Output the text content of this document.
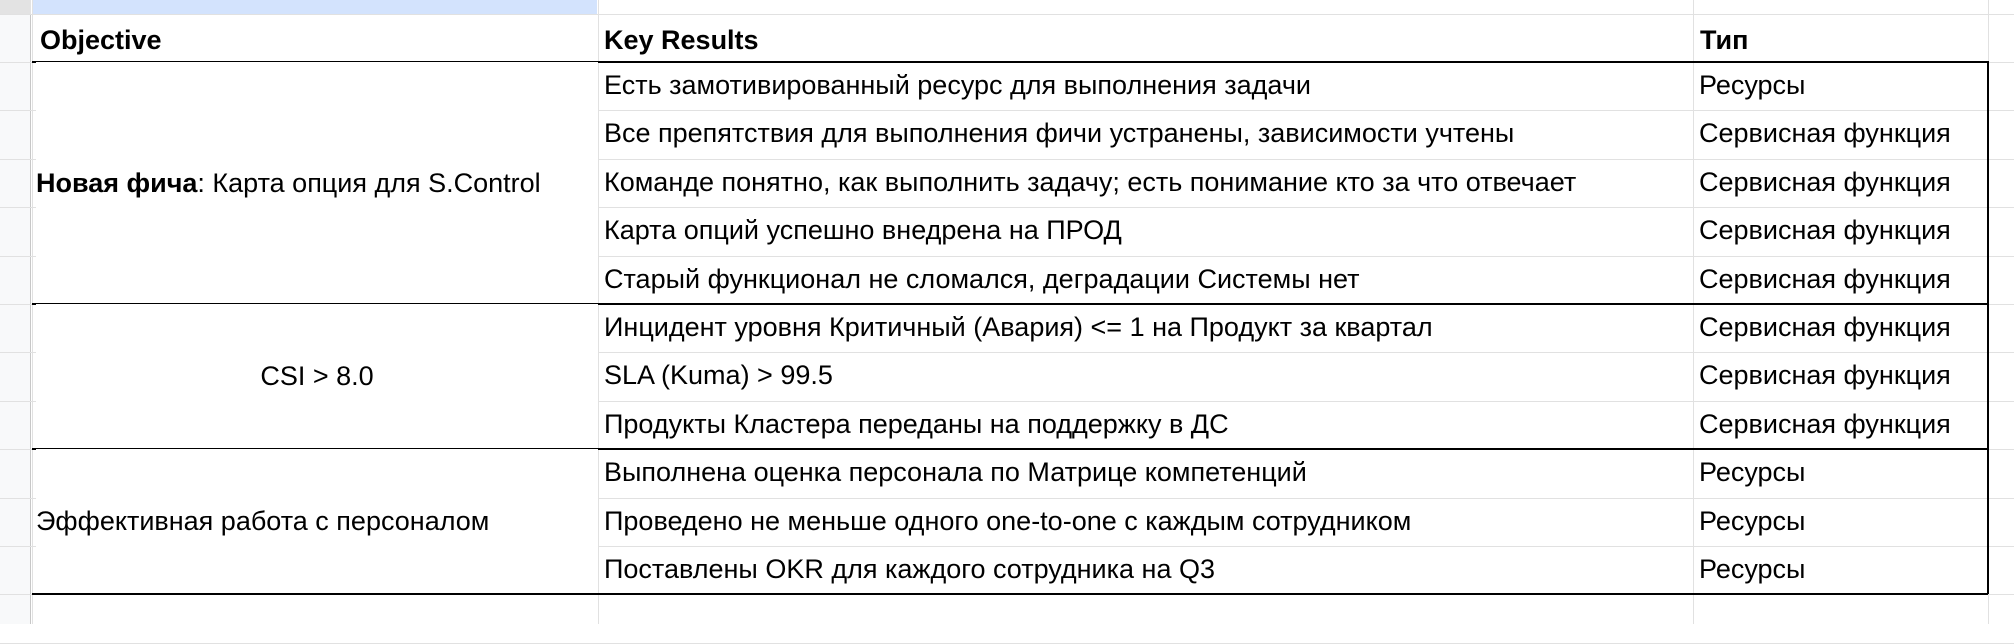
Objective	Key Results	Тип
Новая фича: Карта опция для S.Control
Есть замотивированный ресурс для выполнения задачи	Ресурсы
Все препятствия для выполнения фичи устранены, зависимости учтены	Сервисная функция
Команде понятно, как выполнить задачу; есть понимание кто за что отвечает	Сервисная функция
Карта опций успешно внедрена на ПРОД	Сервисная функция
Старый функционал не сломался, деградации Системы нет	Сервисная функция
CSI > 8.0
Инцидент уровня Критичный (Авария) <= 1 на Продукт за квартал	Сервисная функция
SLA (Kuma) > 99.5	Сервисная функция
Продукты Кластера переданы на поддержку в ДС	Сервисная функция
Эффективная работа с персоналом
Выполнена оценка персонала по Матрице компетенций	Ресурсы
Проведено не меньше одного one-to-one с каждым сотрудником	Ресурсы
Поставлены OKR для каждого сотрудника на Q3	Ресурсы
